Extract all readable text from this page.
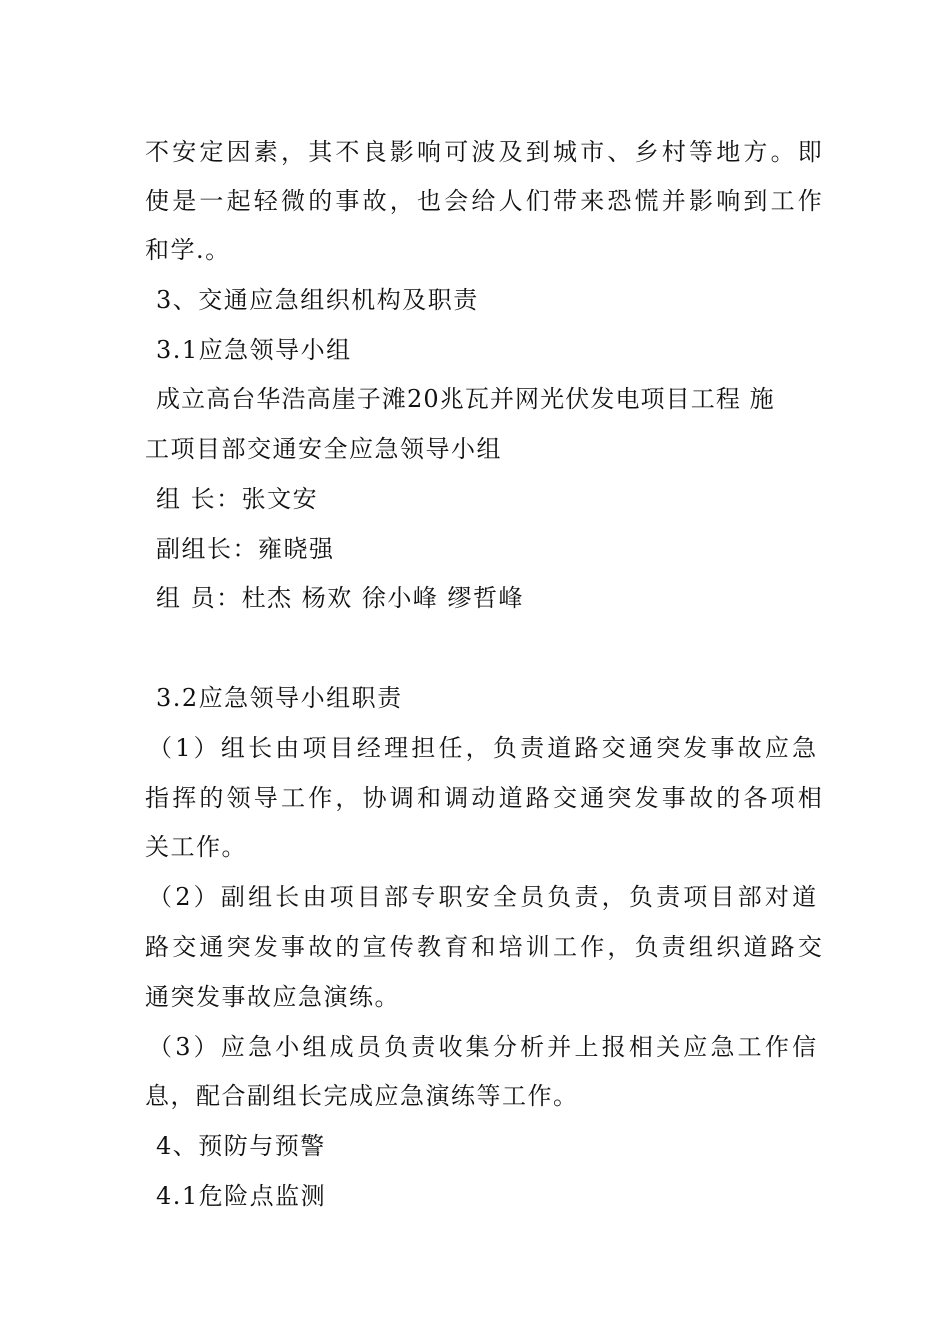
不安定因素，其不良影响可波及到城市、乡村等地方。即
使是一起轻微的事故，也会给人们带来恐慌并影响到工作
和学.。
3、交通应急组织机构及职责
3.1应急领导小组
成立高台华浩高崖子滩20兆瓦并网光伏发电项目工程 施
工项目部交通安全应急领导小组
组 长：张文安
副组长：雍晓强
组 员：杜杰 杨欢 徐小峰 缪哲峰
3.2应急领导小组职责
（1）组长由项目经理担任，负责道路交通突发事故应急
指挥的领导工作，协调和调动道路交通突发事故的各项相
关工作。
（2）副组长由项目部专职安全员负责，负责项目部对道
路交通突发事故的宣传教育和培训工作，负责组织道路交
通突发事故应急演练。
（3）应急小组成员负责收集分析并上报相关应急工作信
息，配合副组长完成应急演练等工作。
4、预防与预警
4.1危险点监测
